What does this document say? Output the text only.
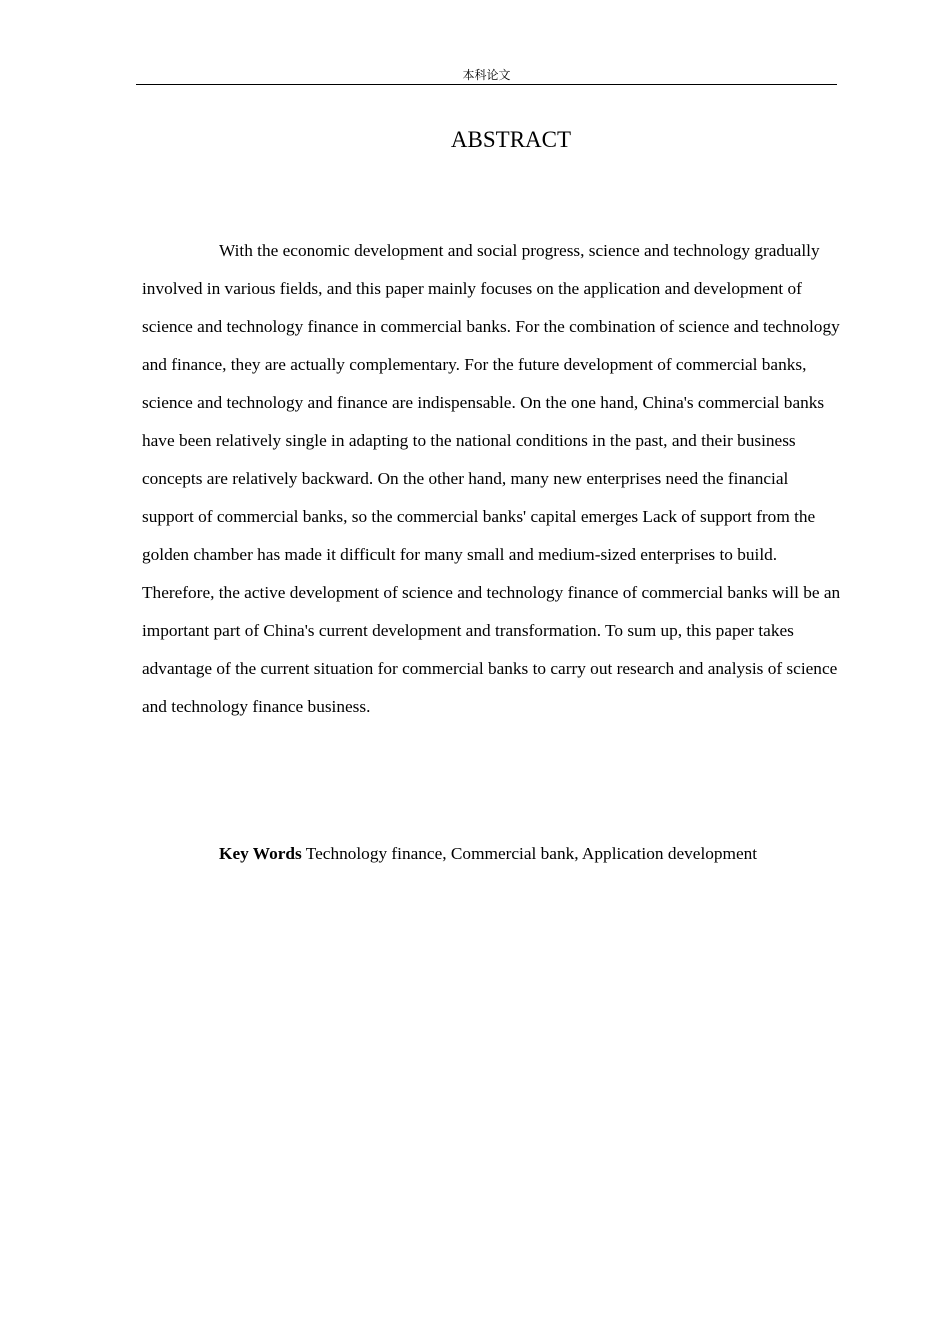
本科论文
ABSTRACT

With the economic development and social progress, science and technology gradually involved in various fields, and this paper mainly focuses on the application and development of science and technology finance in commercial banks. For the combination of science and technology and finance, they are actually complementary. For the future development of commercial banks, science and technology and finance are indispensable. On the one hand, China's commercial banks have been relatively single in adapting to the national conditions in the past, and their business concepts are relatively backward. On the other hand, many new enterprises need the financial support of commercial banks, so the commercial banks' capital emerges Lack of support from the golden chamber has made it difficult for many small and medium-sized enterprises to build. Therefore, the active development of science and technology finance of commercial banks will be an important part of China's current development and transformation. To sum up, this paper takes advantage of the current situation for commercial banks to carry out research and analysis of science and technology finance business.

Key Words Technology finance, Commercial bank, Application development
